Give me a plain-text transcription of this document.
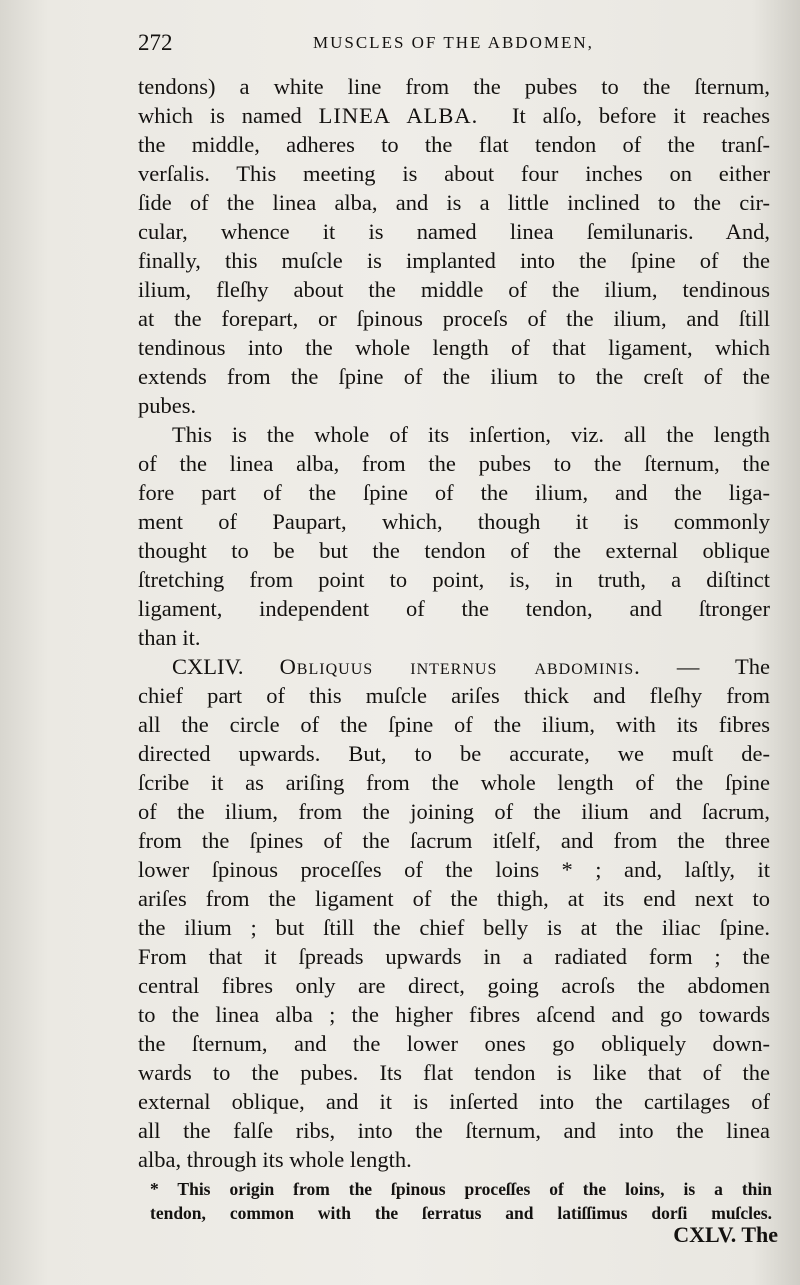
272	MUSCLES OF THE ABDOMEN,
tendons) a white line from the pubes to the ſternum,
which is named LINEA ALBA. It alſo, before it reaches
the middle, adheres to the flat tendon of the tranſ-
verſalis. This meeting is about four inches on either
ſide of the linea alba, and is a little inclined to the cir-
cular, whence it is named linea ſemilunaris. And,
finally, this muſcle is implanted into the ſpine of the
ilium, fleſhy about the middle of the ilium, tendinous
at the forepart, or ſpinous proceſs of the ilium, and ſtill
tendinous into the whole length of that ligament, which
extends from the ſpine of the ilium to the creſt of the
pubes.
This is the whole of its inſertion, viz. all the length
of the linea alba, from the pubes to the ſternum, the
fore part of the ſpine of the ilium, and the liga-
ment of Paupart, which, though it is commonly
thought to be but the tendon of the external oblique
ſtretching from point to point, is, in truth, a diſtinct
ligament, independent of the tendon, and ſtronger
than it.
CXLIV. Obliquus internus abdominis. — The
chief part of this muſcle ariſes thick and fleſhy from
all the circle of the ſpine of the ilium, with its fibres
directed upwards. But, to be accurate, we muſt de-
ſcribe it as ariſing from the whole length of the ſpine
of the ilium, from the joining of the ilium and ſacrum,
from the ſpines of the ſacrum itſelf, and from the three
lower ſpinous proceſſes of the loins * ; and, laſtly, it
ariſes from the ligament of the thigh, at its end next to
the ilium ; but ſtill the chief belly is at the iliac ſpine.
From that it ſpreads upwards in a radiated form ; the
central fibres only are direct, going acroſs the abdomen
to the linea alba ; the higher fibres aſcend and go towards
the ſternum, and the lower ones go obliquely down-
wards to the pubes. Its flat tendon is like that of the
external oblique, and it is inſerted into the cartilages of
all the falſe ribs, into the ſternum, and into the linea
alba, through its whole length.
* This origin from the ſpinous proceſſes of the loins, is a thin
tendon, common with the ſerratus and latiſſimus dorſi muſcles.
CXLV. The
